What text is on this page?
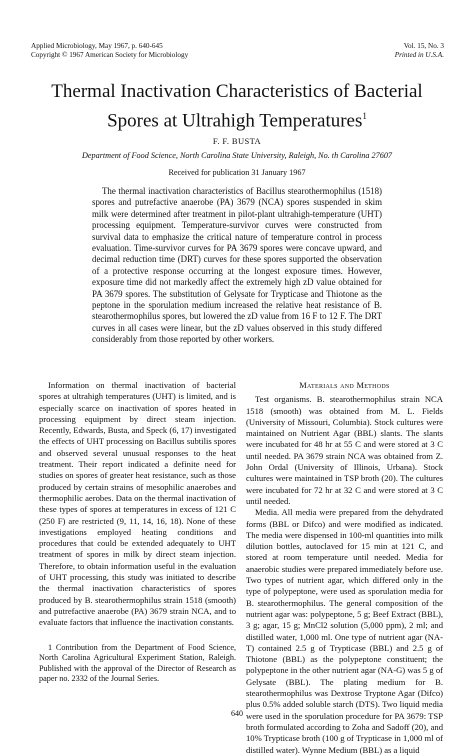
Applied Microbiology, May 1967, p. 640-645
Copyright © 1967 American Society for Microbiology
Vol. 15, No. 3
Printed in U.S.A.
Thermal Inactivation Characteristics of Bacterial
Spores at Ultrahigh Temperatures$^1$
F. F. BUSTA
Department of Food Science, North Carolina State University, Raleigh, No. th Carolina 27607
Received for publication 31 January 1967
The thermal inactivation characteristics of Bacillus stearothermophilus (1518) spores and putrefactive anaerobe (PA) 3679 (NCA) spores suspended in skim milk were determined after treatment in pilot-plant ultrahigh-temperature (UHT) processing equipment. Temperature-survivor curves were constructed from survival data to emphasize the critical nature of temperature control in process evaluation. Time-survivor curves for PA 3679 spores were concave upward, and decimal reduction time (DRT) curves for these spores supported the observation of a protective response occurring at the longest exposure times. However, exposure time did not markedly affect the extremely high zD value obtained for PA 3679 spores. The substitution of Gelysate for Trypticase and Thiotone as the peptone in the sporulation medium increased the relative heat resistance of B. stearothermophilus spores, but lowered the zD value from 16 F to 12 F. The DRT curves in all cases were linear, but the zD values observed in this study differed considerably from those reported by other workers.

Information on thermal inactivation of bacterial spores at ultrahigh temperatures (UHT) is limited, and is especially scarce on inactivation of spores heated in processing equipment by direct steam injection. Recently, Edwards, Busta, and Speck (6, 17) investigated the effects of UHT processing on Bacillus subtilis spores and observed several unusual responses to the heat treatment. Their report indicated a definite need for studies on spores of greater heat resistance, such as those produced by certain strains of mesophilic anaerobes and thermophilic aerobes. Data on the thermal inactivation of these types of spores at temperatures in excess of 121 C (250 F) are restricted (9, 11, 14, 16, 18). None of these investigations employed heating conditions and procedures that could be extended adequately to UHT treatment of spores in milk by direct steam injection. Therefore, to obtain information useful in the evaluation of UHT processing, this study was initiated to describe the thermal inactivation characteristics of spores produced by B. stearothermophilus strain 1518 (smooth) and putrefactive anaerobe (PA) 3679 strain NCA, and to evaluate factors that influence the inactivation constants.

1 Contribution from the Department of Food Science, North Carolina Agricultural Experiment Station, Raleigh. Published with the approval of the Director of Research as paper no. 2332 of the Journal Series.

Materials and Methods

Test organisms. B. stearothermophilus strain NCA 1518 (smooth) was obtained from M. L. Fields (University of Missouri, Columbia). Stock cultures were maintained on Nutrient Agar (BBL) slants. The slants were incubated for 48 hr at 55 C and were stored at 3 C until needed. PA 3679 strain NCA was obtained from Z. John Ordal (University of Illinois, Urbana). Stock cultures were maintained in TSP broth (20). The cultures were incubated for 72 hr at 32 C and were stored at 3 C until needed.

Media. All media were prepared from the dehydrated forms (BBL or Difco) and were modified as indicated. The media were dispensed in 100-ml quantities into milk dilution bottles, autoclaved for 15 min at 121 C, and stored at room temperature until needed. Media for anaerobic studies were prepared immediately before use. Two types of nutrient agar, which differed only in the type of polypeptone, were used as sporulation media for B. stearothermophilus. The general composition of the nutrient agar was: polypeptone, 5 g; Beef Extract (BBL), 3 g; agar, 15 g; MnCl2 solution (5,000 ppm), 2 ml; and distilled water, 1,000 ml. One type of nutrient agar (NA-T) contained 2.5 g of Trypticase (BBL) and 2.5 g of Thiotone (BBL) as the polypeptone constituent; the polypeptone in the other nutrient agar (NA-G) was 5 g of Gelysate (BBL). The plating medium for B. stearothermophilus was Dextrose Tryptone Agar (Difco) plus 0.5% added soluble starch (DTS). Two liquid media were used in the sporulation procedure for PA 3679: TSP broth formulated according to Zoha and Sadoff (20), and 10% Trypticase broth (100 g of Trypticase in 1,000 ml of distilled water). Wynne Medium (BBL) as a liquid

640
